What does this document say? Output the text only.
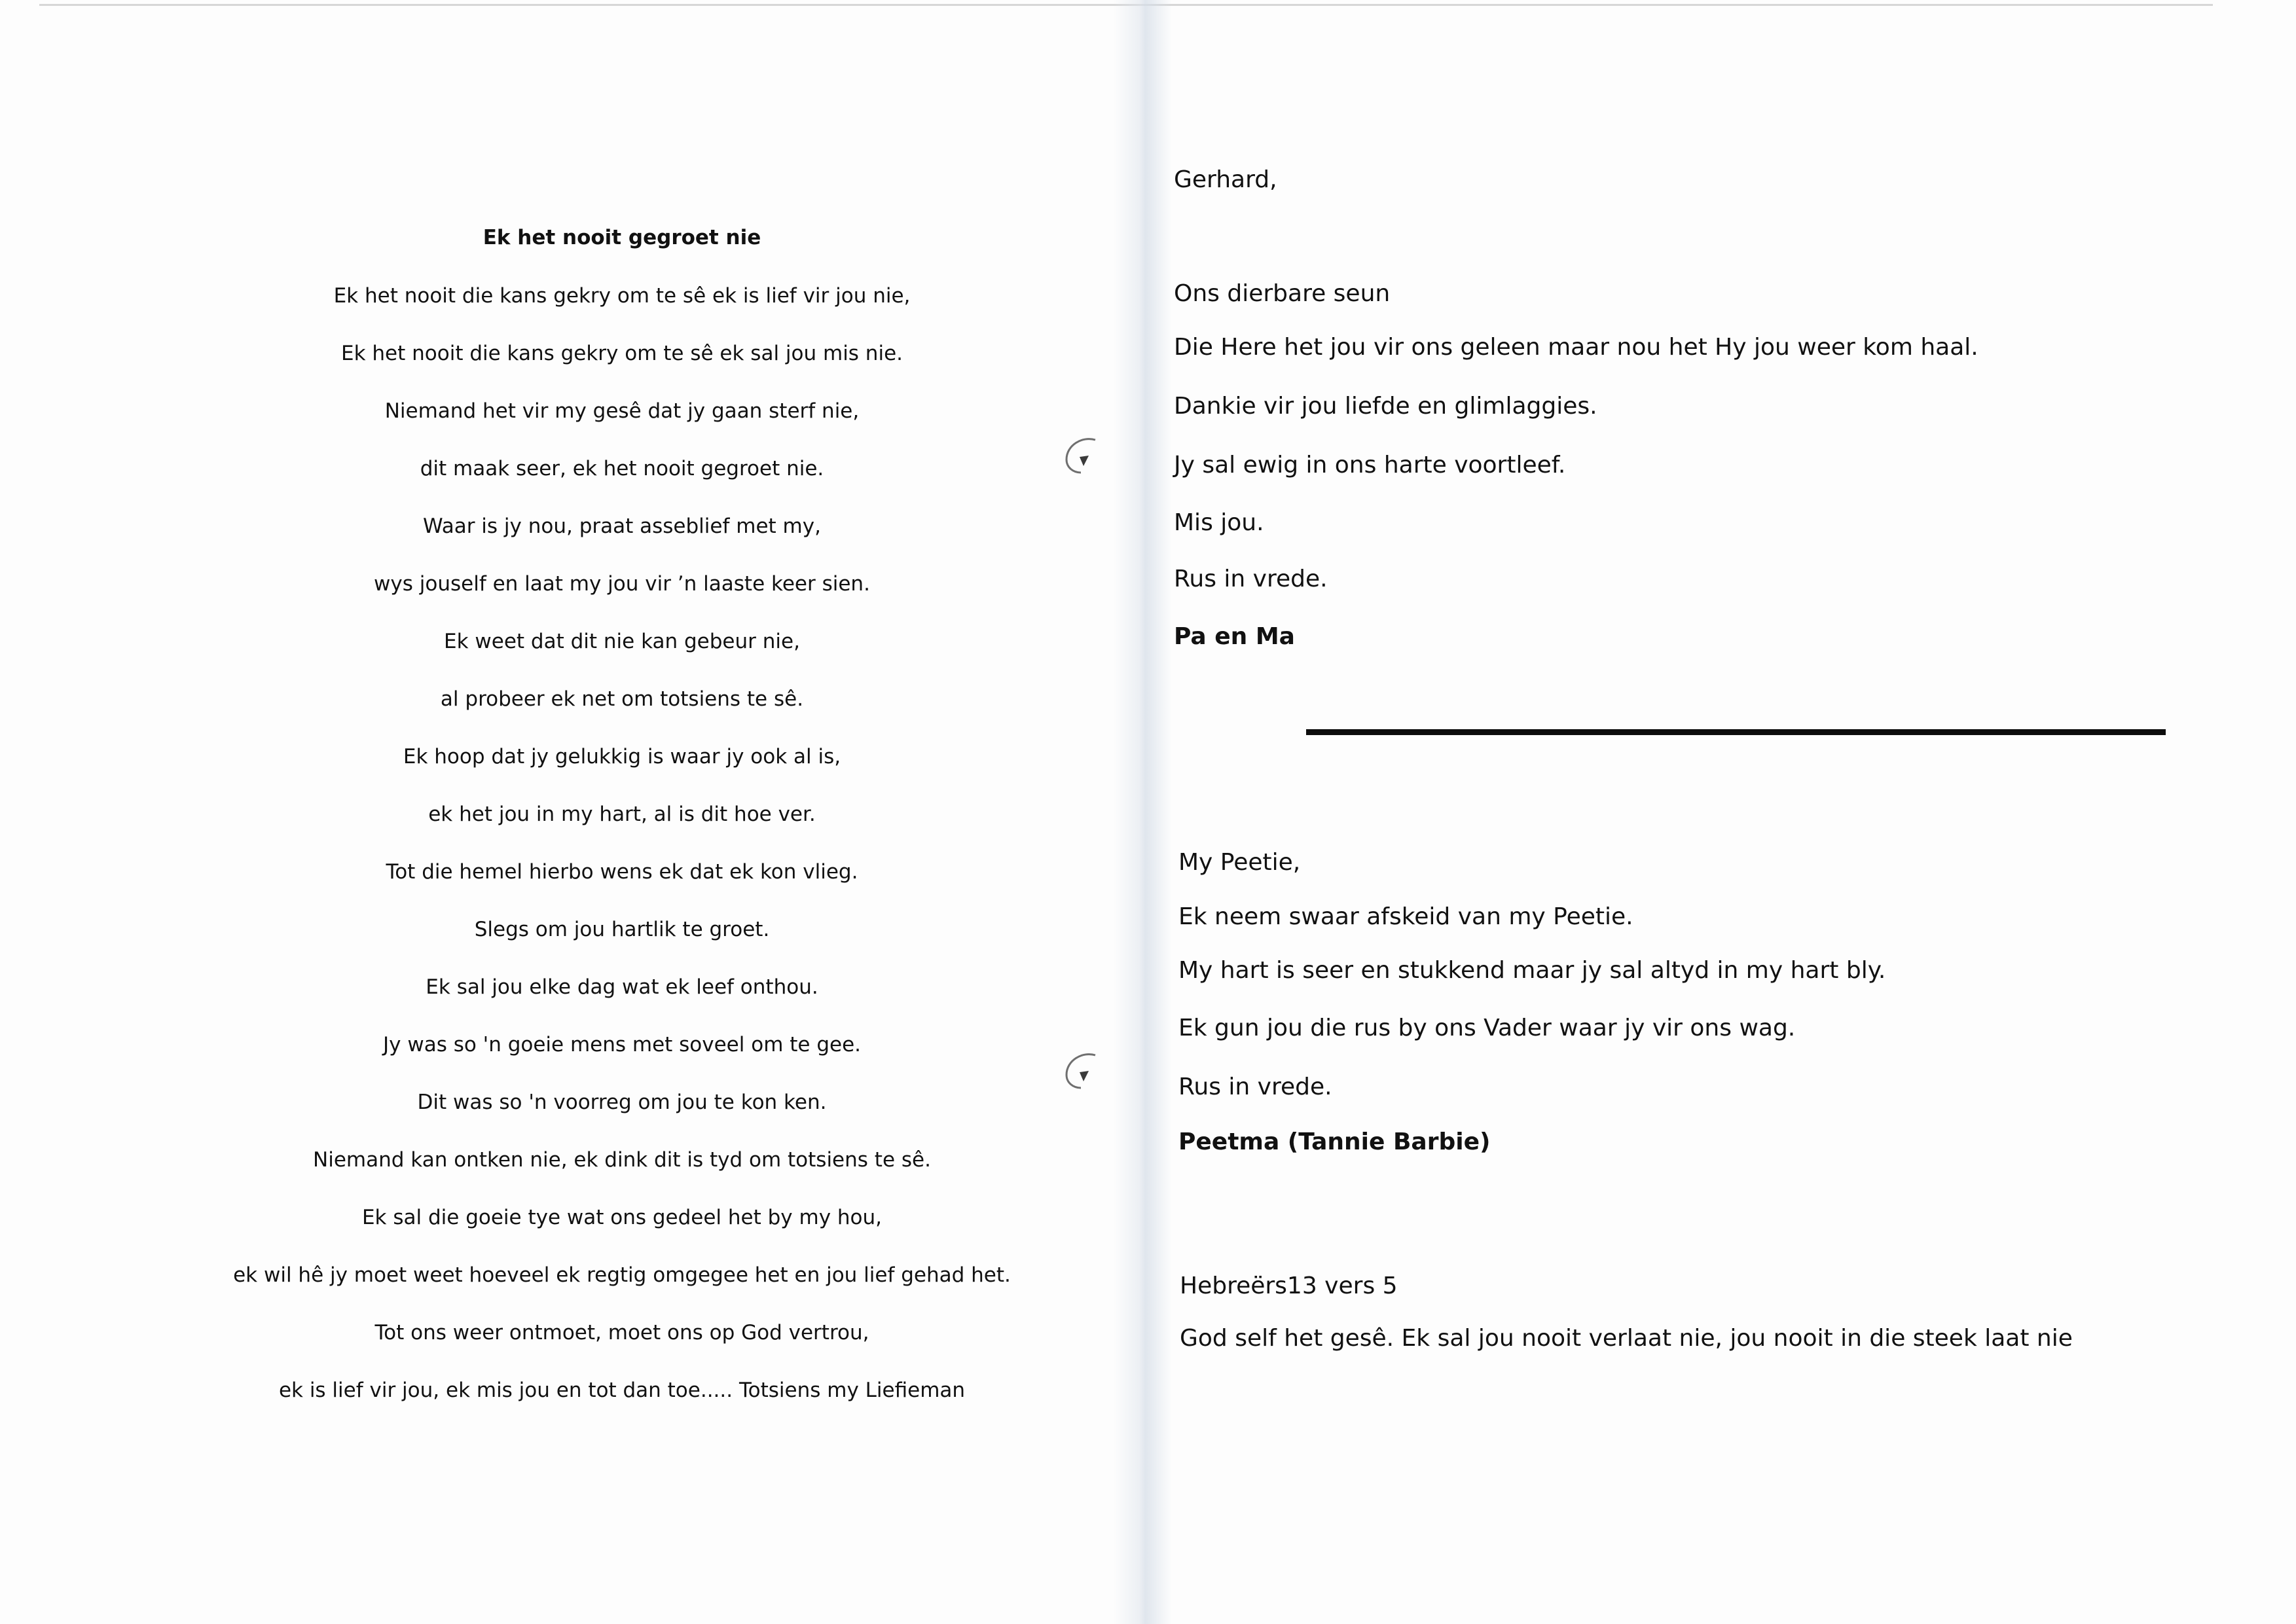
Ek het nooit gegroet nie
Ek het nooit die kans gekry om te sê ek is lief vir jou nie,
Ek het nooit die kans gekry om te sê ek sal jou mis nie.
Niemand het vir my gesê dat jy gaan sterf nie,
dit maak seer, ek het nooit gegroet nie.
Waar is jy nou, praat asseblief met my,
wys jouself en laat my jou vir ’n laaste keer sien.
Ek weet dat dit nie kan gebeur nie,
al probeer ek net om totsiens te sê.
Ek hoop dat jy gelukkig is waar jy ook al is,
ek het jou in my hart, al is dit hoe ver.
Tot die hemel hierbo wens ek dat ek kon vlieg.
Slegs om jou hartlik te groet.
Ek sal jou elke dag wat ek leef onthou.
Jy was so 'n goeie mens met soveel om te gee.
Dit was so 'n voorreg om jou te kon ken.
Niemand kan ontken nie, ek dink dit is tyd om totsiens te sê.
Ek sal die goeie tye wat ons gedeel het by my hou,
ek wil hê jy moet weet hoeveel ek regtig omgegee het en jou lief gehad het.
Tot ons weer ontmoet, moet ons op God vertrou,
ek is lief vir jou, ek mis jou en tot dan toe..... Totsiens my Liefieman
Gerhard,
Ons dierbare seun
Die Here het jou vir ons geleen maar nou het Hy jou weer kom haal.
Dankie vir jou liefde en glimlaggies.
Jy sal ewig in ons harte voortleef.
Mis jou.
Rus in vrede.
Pa en Ma
My Peetie,
Ek neem swaar afskeid van my Peetie.
My hart is seer en stukkend maar jy sal altyd in my hart bly.
Ek gun jou die rus by ons Vader waar jy vir ons wag.
Rus in vrede.
Peetma (Tannie Barbie)
Hebreërs13 vers 5
God self het gesê. Ek sal jou nooit verlaat nie, jou nooit in die steek laat nie
